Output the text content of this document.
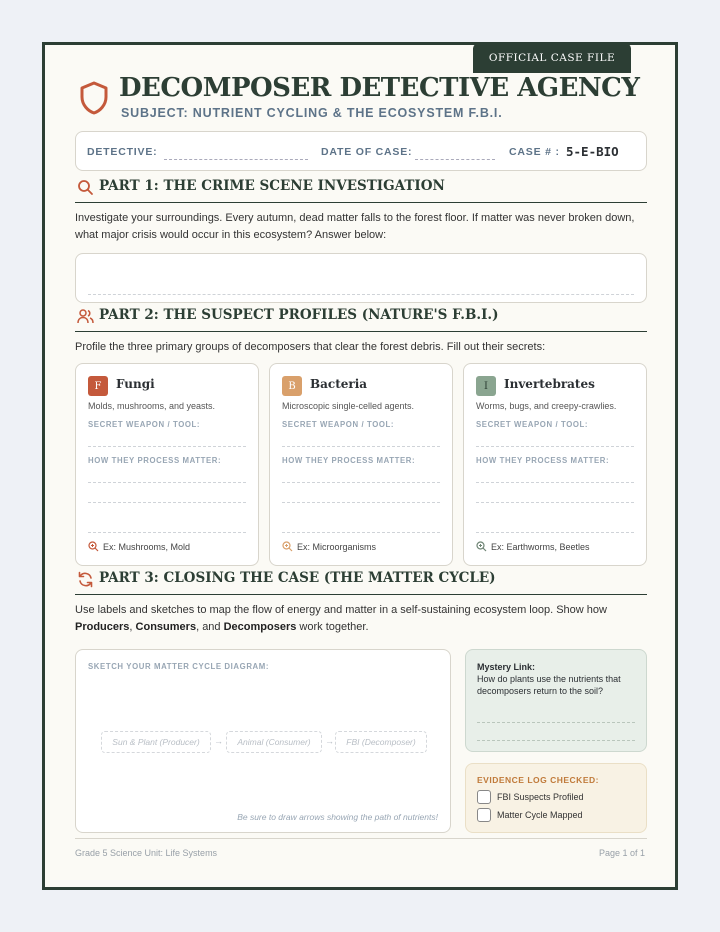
OFFICIAL CASE FILE
DECOMPOSER DETECTIVE AGENCY
SUBJECT: NUTRIENT CYCLING & THE ECOSYSTEM F.B.I.
DETECTIVE:	DATE OF CASE:	CASE # : 5-E-BIO
PART 1: THE CRIME SCENE INVESTIGATION
Investigate your surroundings. Every autumn, dead matter falls to the forest floor. If matter was never broken down, what major crisis would occur in this ecosystem? Answer below:
PART 2: THE SUSPECT PROFILES (NATURE'S F.B.I.)
Profile the three primary groups of decomposers that clear the forest debris. Fill out their secrets:
F	Fungi
Molds, mushrooms, and yeasts.
SECRET WEAPON / TOOL:
HOW THEY PROCESS MATTER:
Ex: Mushrooms, Mold
B	Bacteria
Microscopic single-celled agents.
SECRET WEAPON / TOOL:
HOW THEY PROCESS MATTER:
Ex: Microorganisms
I	Invertebrates
Worms, bugs, and creepy-crawlies.
SECRET WEAPON / TOOL:
HOW THEY PROCESS MATTER:
Ex: Earthworms, Beetles
PART 3: CLOSING THE CASE (THE MATTER CYCLE)
Use labels and sketches to map the flow of energy and matter in a self-sustaining ecosystem loop. Show how Producers, Consumers, and Decomposers work together.
SKETCH YOUR MATTER CYCLE DIAGRAM:
Sun & Plant (Producer)	→	Animal (Consumer)	→	FBI (Decomposer)
Be sure to draw arrows showing the path of nutrients!
Mystery Link:
How do plants use the nutrients that decomposers return to the soil?
EVIDENCE LOG CHECKED:
FBI Suspects Profiled
Matter Cycle Mapped
Grade 5 Science Unit: Life Systems	Page 1 of 1
